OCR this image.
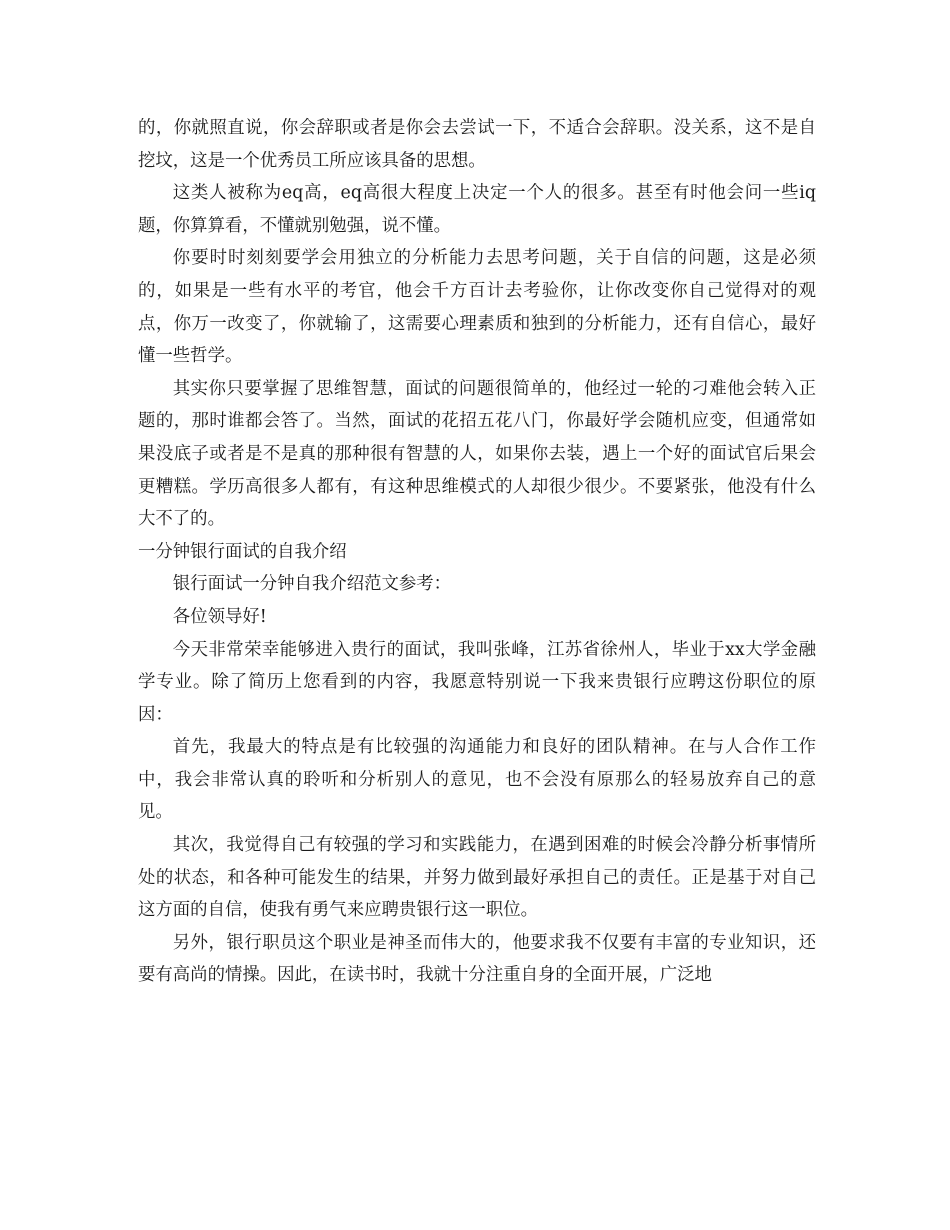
的，你就照直说，你会辞职或者是你会去尝试一下，不适合会辞职。没关系，这不是自挖坟，这是一个优秀员工所应该具备的思想。

这类人被称为eq高，eq高很大程度上决定一个人的很多。甚至有时他会问一些iq题，你算算看，不懂就别勉强，说不懂。

你要时时刻刻要学会用独立的分析能力去思考问题，关于自信的问题，这是必须的，如果是一些有水平的考官，他会千方百计去考验你，让你改变你自己觉得对的观点，你万一改变了，你就输了，这需要心理素质和独到的分析能力，还有自信心，最好懂一些哲学。

其实你只要掌握了思维智慧，面试的问题很简单的，他经过一轮的刁难他会转入正题的，那时谁都会答了。当然，面试的花招五花八门，你最好学会随机应变，但通常如果没底子或者是不是真的那种很有智慧的人，如果你去装，遇上一个好的面试官后果会更糟糕。学历高很多人都有，有这种思维模式的人却很少很少。不要紧张，他没有什么大不了的。

一分钟银行面试的自我介绍

银行面试一分钟自我介绍范文参考：

各位领导好!

今天非常荣幸能够进入贵行的面试，我叫张峰，江苏省徐州人，毕业于xx大学金融学专业。除了简历上您看到的内容，我愿意特别说一下我来贵银行应聘这份职位的原因：

首先，我最大的特点是有比较强的沟通能力和良好的团队精神。在与人合作工作中，我会非常认真的聆听和分析别人的意见，也不会没有原那么的轻易放弃自己的意见。

其次，我觉得自己有较强的学习和实践能力，在遇到困难的时候会冷静分析事情所处的状态，和各种可能发生的结果，并努力做到最好承担自己的责任。正是基于对自己这方面的自信，使我有勇气来应聘贵银行这一职位。

另外，银行职员这个职业是神圣而伟大的，他要求我不仅要有丰富的专业知识，还要有高尚的情操。因此，在读书时，我就十分注重自身的全面开展，广泛地
